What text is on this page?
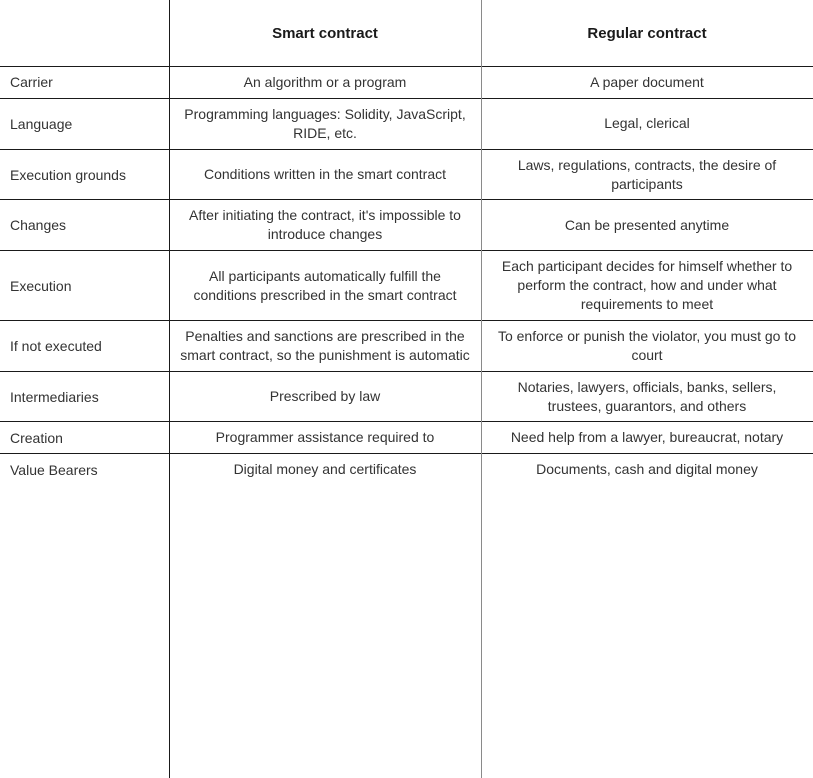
	Smart contract	Regular contract
Carrier	An algorithm or a program	A paper document
Language	Programming languages: Solidity, JavaScript, RIDE, etc.	Legal, clerical
Execution grounds	Conditions written in the smart contract	Laws, regulations, contracts, the desire of participants
Changes	After initiating the contract, it's impossible to introduce changes	Can be presented anytime
Execution	All participants automatically fulfill the conditions prescribed in the smart contract	Each participant decides for himself whether to perform the contract, how and under what requirements to meet
If not executed	Penalties and sanctions are prescribed in the smart contract, so the punishment is automatic	To enforce or punish the violator, you must go to court
Intermediaries	Prescribed by law	Notaries, lawyers, officials, banks, sellers, trustees, guarantors, and others
Creation	Programmer assistance required to	Need help from a lawyer, bureaucrat, notary
Value Bearers	Digital money and certificates	Documents, cash and digital money
